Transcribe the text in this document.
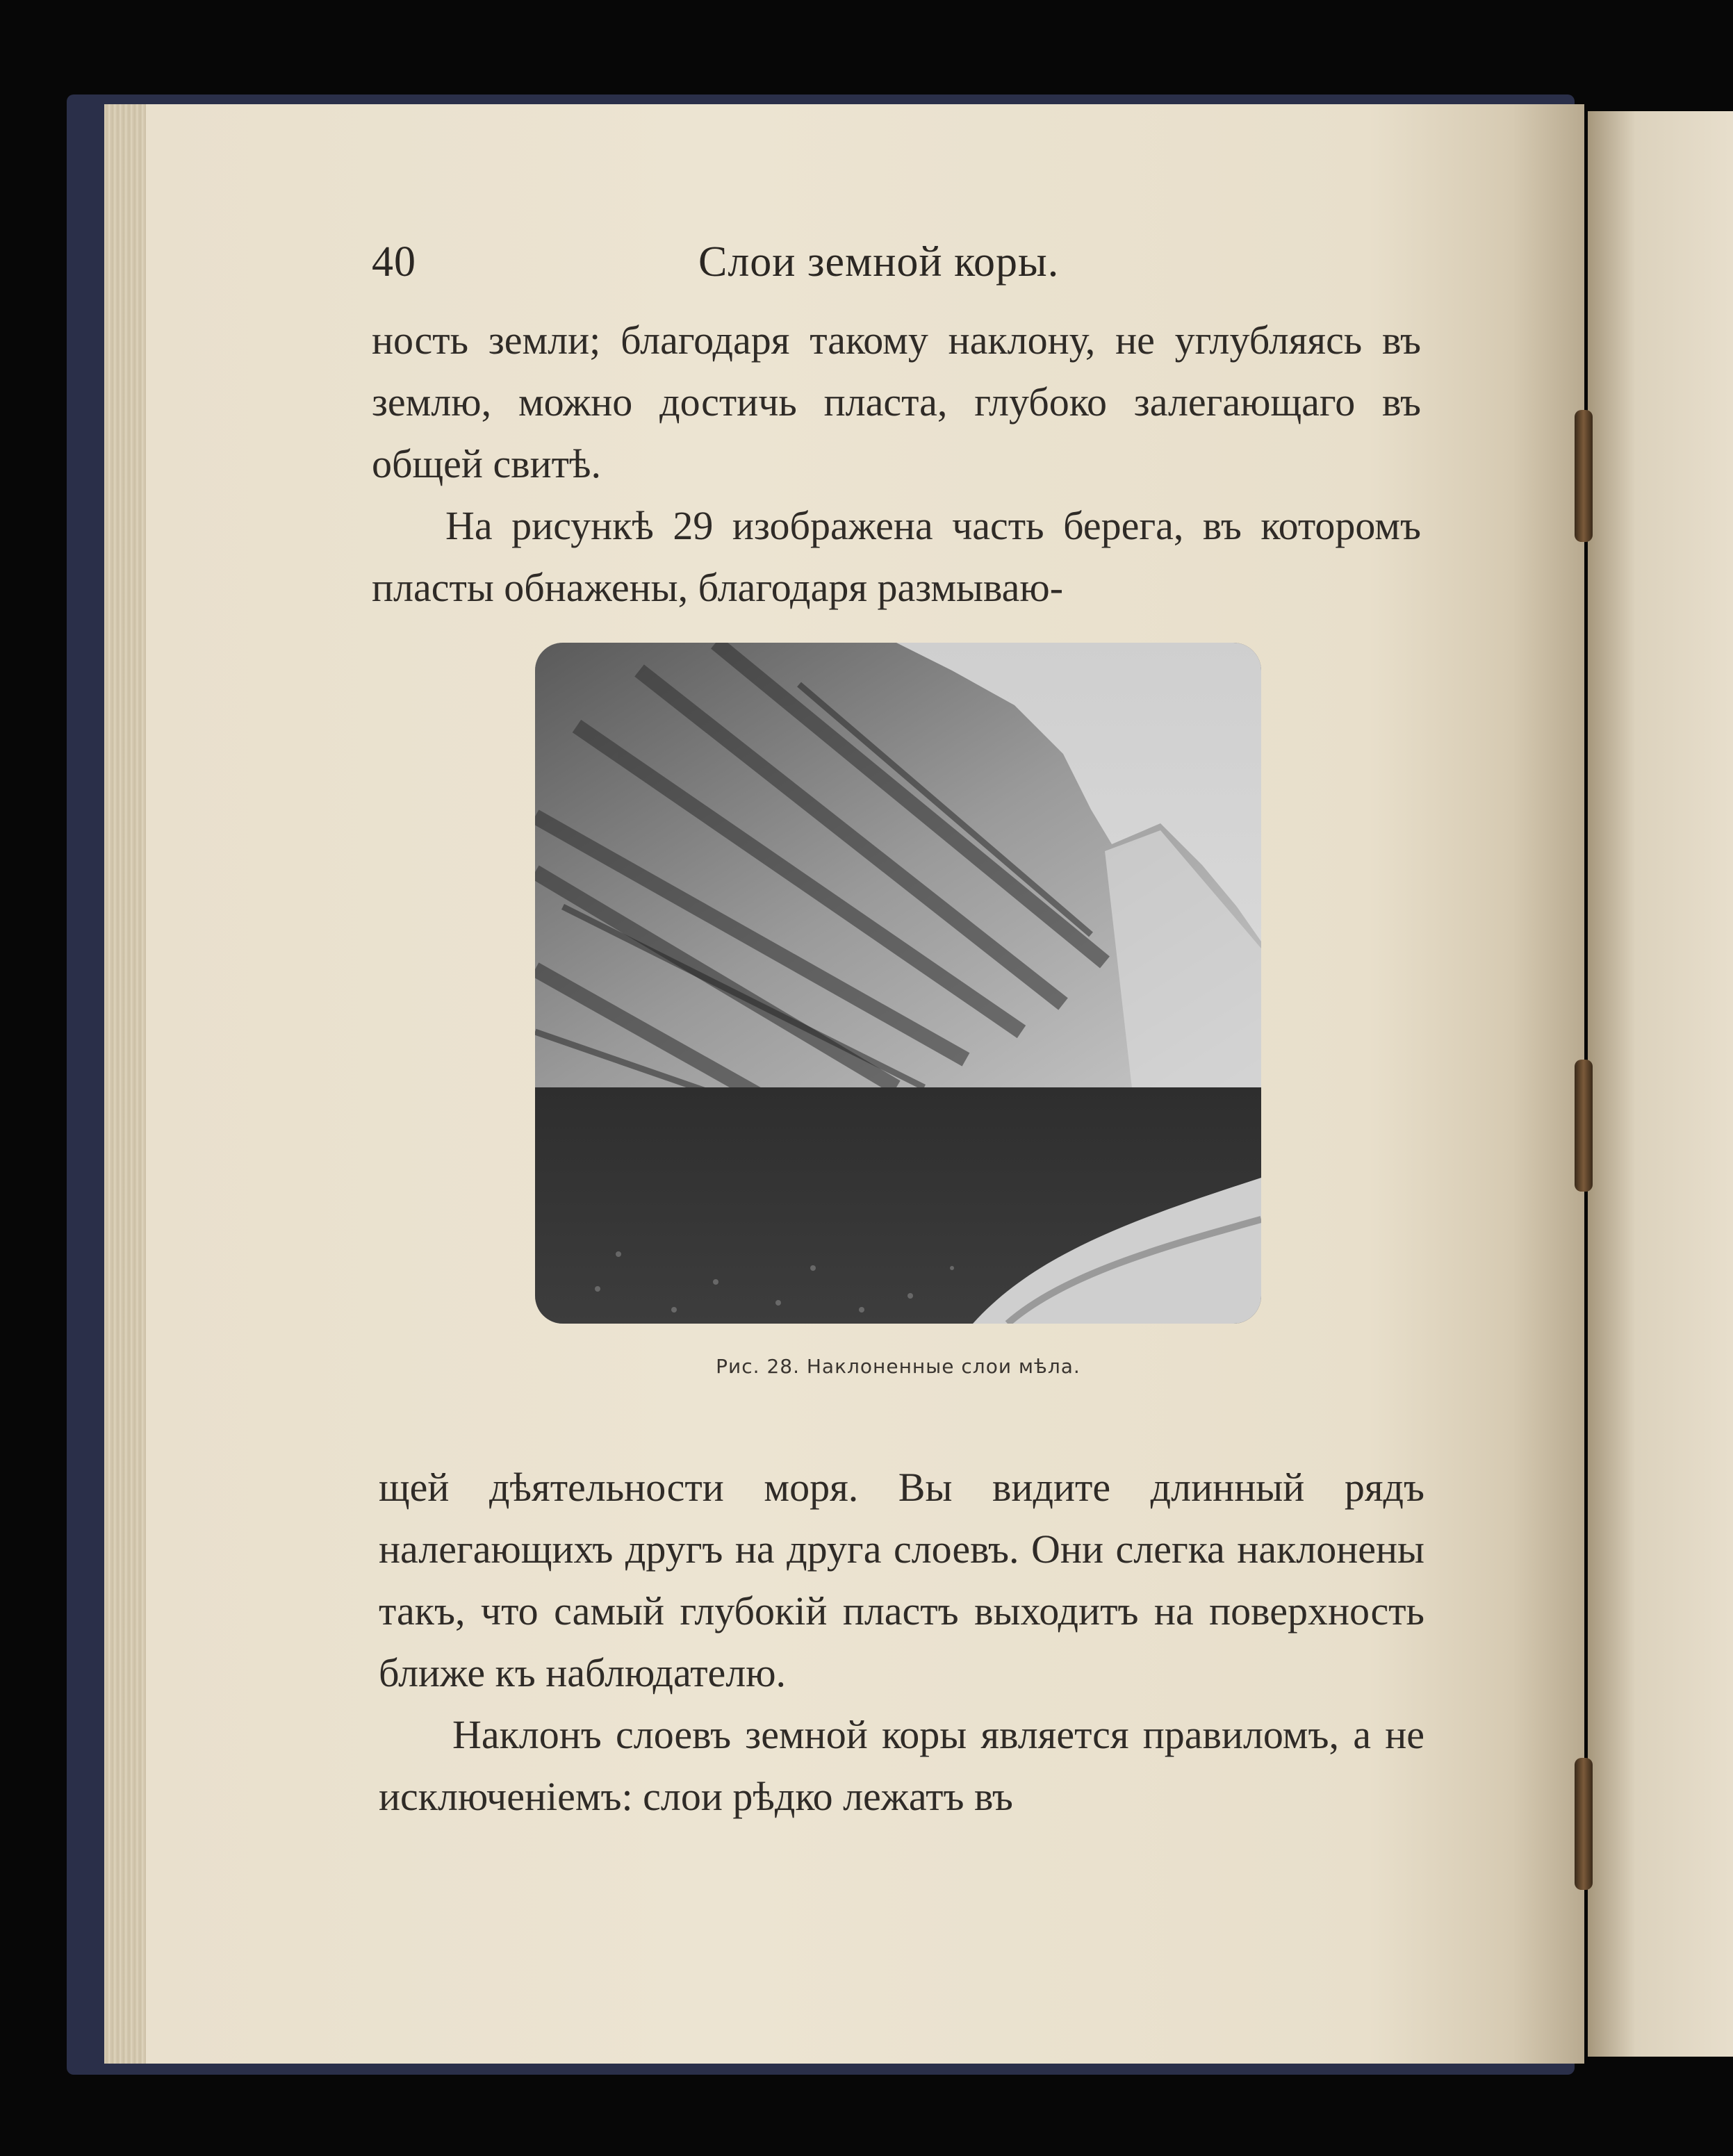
40	Слои земной коры.

ность земли; благодаря такому наклону, не углубляясь въ землю, можно достичь пласта, глубоко залегающаго въ общей свитѣ.

На рисункѣ 29 изображена часть берега, въ которомъ пласты обнажены, благодаря размываю-

Рис. 28. Наклоненные слои мѣла.

щей дѣятельности моря. Вы видите длинный рядъ налегающихъ другъ на друга слоевъ. Они слегка наклонены такъ, что самый глубокій пластъ выходитъ на поверхность ближе къ наблюдателю.

Наклонъ слоевъ земной коры является правиломъ, а не исключеніемъ: слои рѣдко лежатъ въ
